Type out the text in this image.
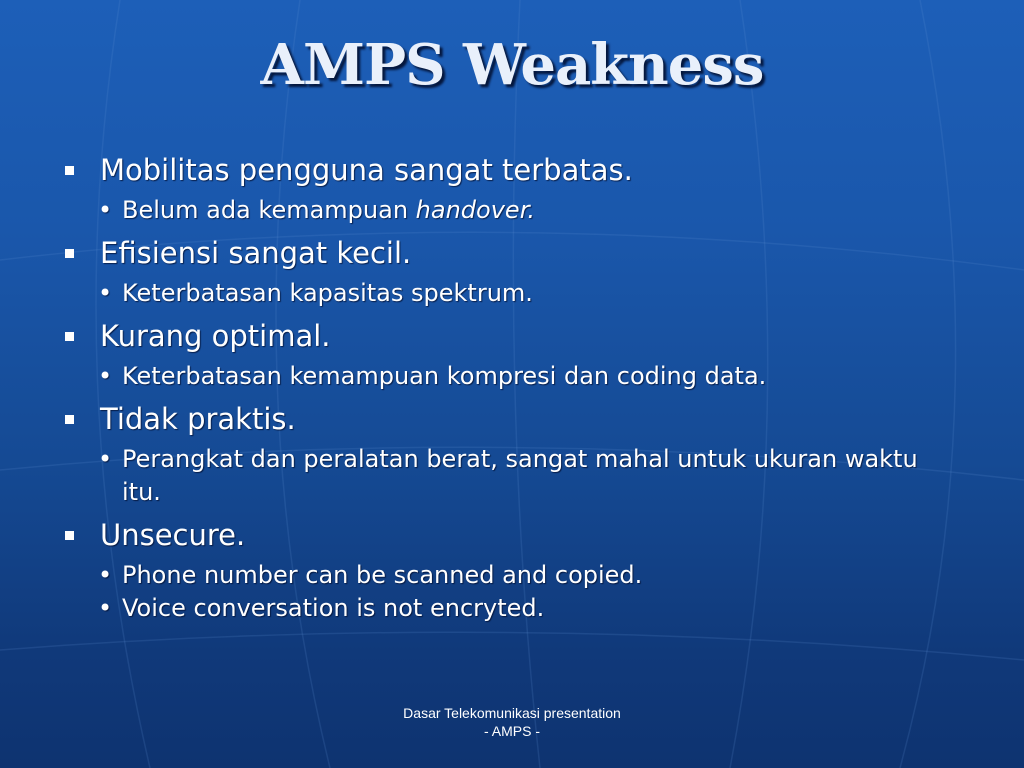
AMPS Weakness
Mobilitas pengguna sangat terbatas.
• Belum ada kemampuan handover.
Efisiensi sangat kecil.
• Keterbatasan kapasitas spektrum.
Kurang optimal.
• Keterbatasan kemampuan kompresi dan coding data.
Tidak praktis.
• Perangkat dan peralatan berat, sangat mahal untuk ukuran waktu itu.
Unsecure.
• Phone number can be scanned and copied.
• Voice conversation is not encryted.
Dasar Telekomunikasi presentation
- AMPS -
